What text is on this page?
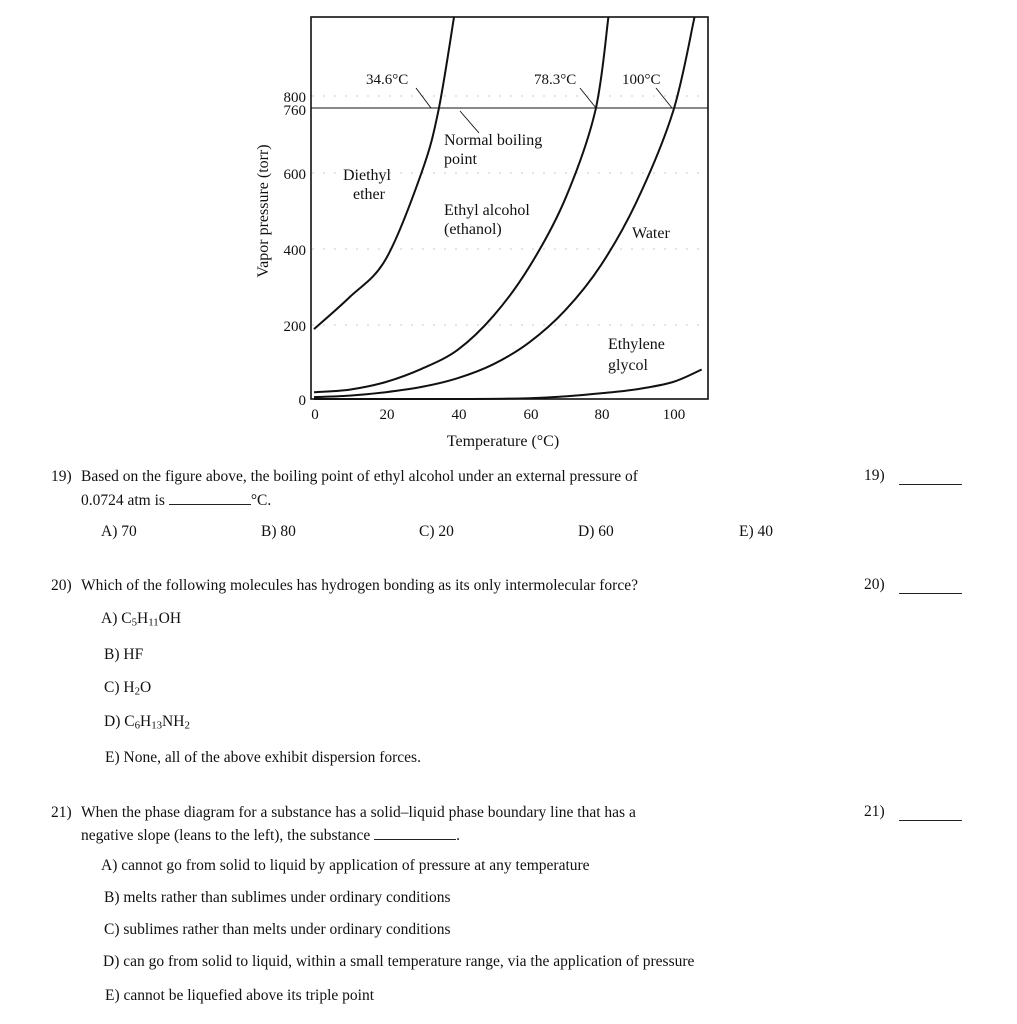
800
760
600
400
200
0
0	20	40	60	80	100
Temperature (°C)
Vapor pressure (torr)
34.6°C	78.3°C	100°C
Normal boiling point
Diethyl ether
Ethyl alcohol (ethanol)	Water
Ethylene glycol
19) Based on the figure above, the boiling point of ethyl alcohol under an external pressure of
0.0724 atm is	°C.
19)
A) 70	B) 80	C) 20	D) 60	E) 40
20) Which of the following molecules has hydrogen bonding as its only intermolecular force?	20)
A) $C_5H_{11}OH$
B) HF
C) $H_2O$
D) $C_6H_{13}NH_2$
E) None, all of the above exhibit dispersion forces.
21) When the phase diagram for a substance has a solid–liquid phase boundary line that has a
negative slope (leans to the left), the substance	.
21)
A) cannot go from solid to liquid by application of pressure at any temperature
B) melts rather than sublimes under ordinary conditions
C) sublimes rather than melts under ordinary conditions
D) can go from solid to liquid, within a small temperature range, via the application of pressure
E) cannot be liquefied above its triple point
